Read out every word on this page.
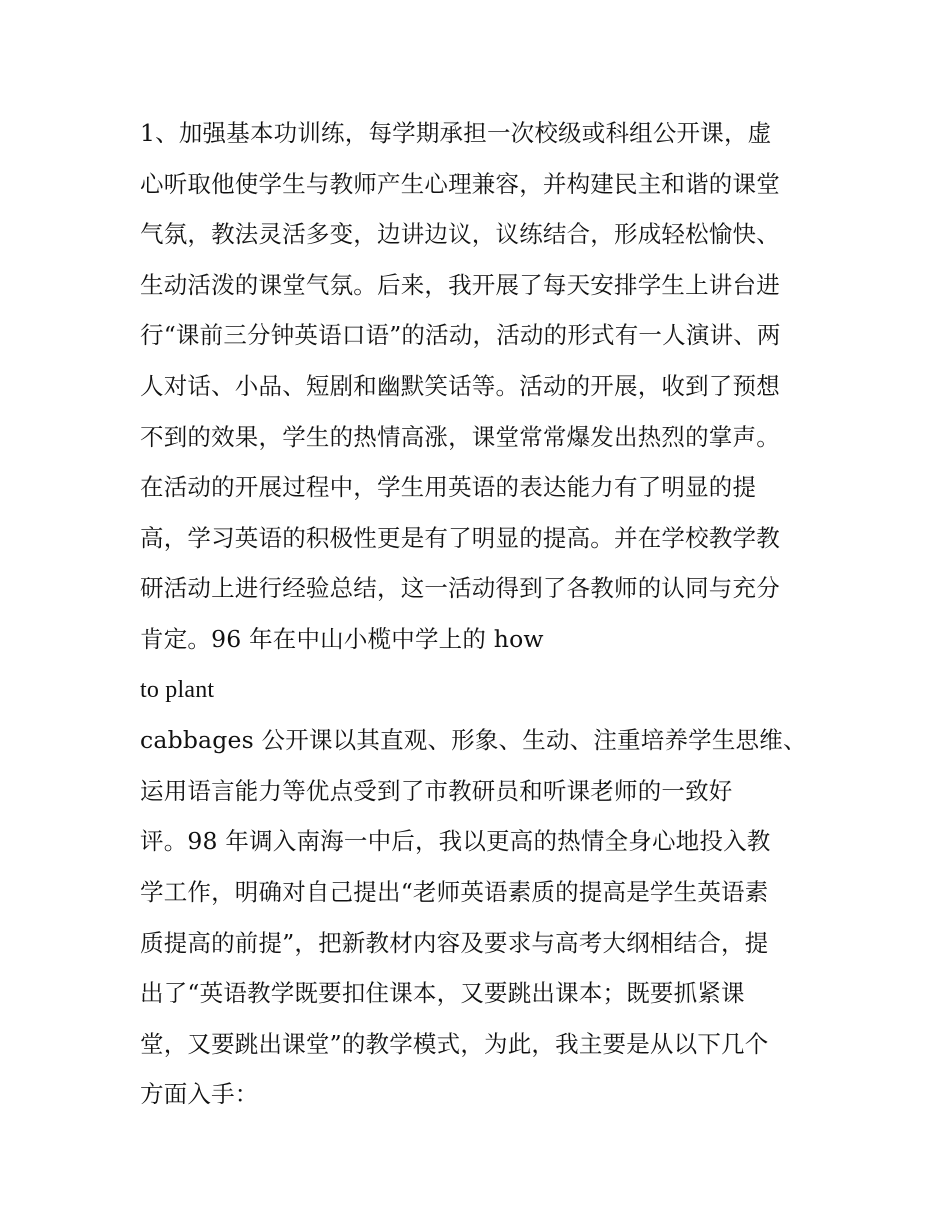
1、加强基本功训练，每学期承担一次校级或科组公开课，虚
心听取他使学生与教师产生心理兼容，并构建民主和谐的课堂
气氛，教法灵活多变，边讲边议，议练结合，形成轻松愉快、
生动活泼的课堂气氛。后来，我开展了每天安排学生上讲台进
行“课前三分钟英语口语”的活动，活动的形式有一人演讲、两
人对话、小品、短剧和幽默笑话等。活动的开展，收到了预想
不到的效果，学生的热情高涨，课堂常常爆发出热烈的掌声。
在活动的开展过程中，学生用英语的表达能力有了明显的提
高，学习英语的积极性更是有了明显的提高。并在学校教学教
研活动上进行经验总结，这一活动得到了各教师的认同与充分
肯定。96 年在中山小榄中学上的 how
to plant
cabbages 公开课以其直观、形象、生动、注重培养学生思维、
运用语言能力等优点受到了市教研员和听课老师的一致好
评。98 年调入南海一中后，我以更高的热情全身心地投入教
学工作，明确对自己提出“老师英语素质的提高是学生英语素
质提高的前提”，把新教材内容及要求与高考大纲相结合，提
出了“英语教学既要扣住课本，又要跳出课本；既要抓紧课
堂，又要跳出课堂”的教学模式，为此，我主要是从以下几个
方面入手：
